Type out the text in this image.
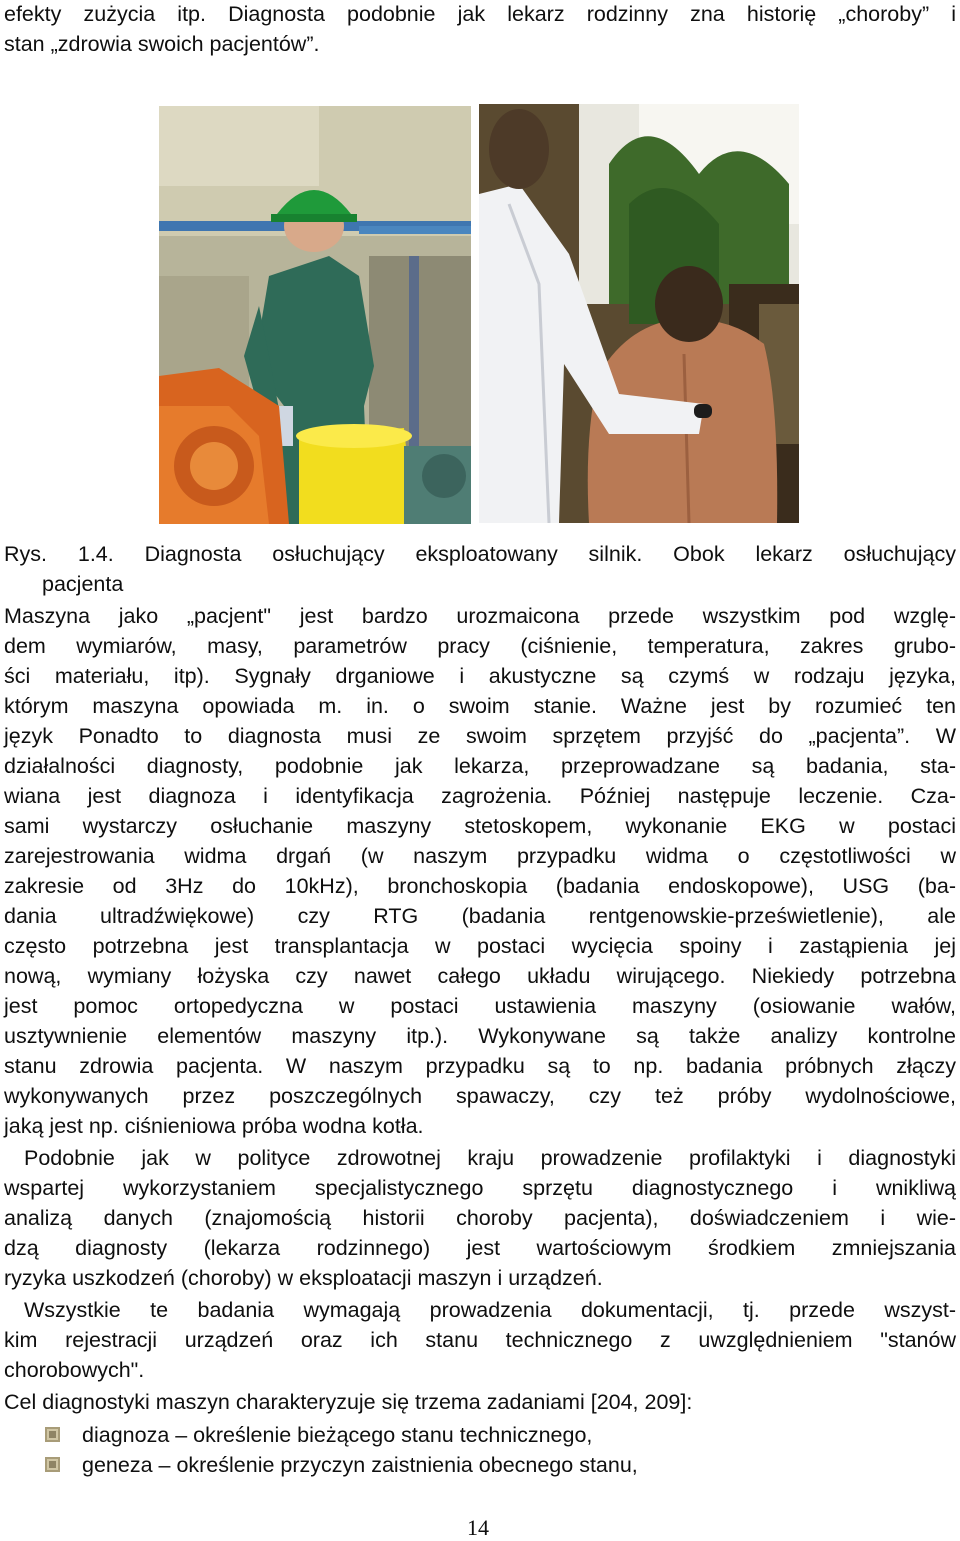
efekty zużycia itp. Diagnosta podobnie jak lekarz rodzinny zna historię „choroby” i
stan „zdrowia swoich pacjentów”.
Rys. 1.4. Diagnosta osłuchujący eksploatowany silnik. Obok lekarz osłuchujący
pacjenta
Maszyna jako „pacjent" jest bardzo urozmaicona przede wszystkim pod wzglę-
dem wymiarów, masy, parametrów pracy (ciśnienie, temperatura, zakres grubo-
ści materiału, itp). Sygnały drganiowe i akustyczne są czymś w rodzaju języka,
którym maszyna opowiada m. in. o swoim stanie. Ważne jest by rozumieć ten
język Ponadto to diagnosta musi ze swoim sprzętem przyjść do „pacjenta”. W
działalności diagnosty, podobnie jak lekarza, przeprowadzane są badania, sta-
wiana jest diagnoza i identyfikacja zagrożenia. Później następuje leczenie. Cza-
sami wystarczy osłuchanie maszyny stetoskopem, wykonanie EKG w postaci
zarejestrowania widma drgań (w naszym przypadku widma o częstotliwości w
zakresie od 3Hz do 10kHz), bronchoskopia (badania endoskopowe), USG (ba-
dania ultradźwiękowe) czy RTG (badania rentgenowskie-prześwietlenie), ale
często potrzebna jest transplantacja w postaci wycięcia spoiny i zastąpienia jej
nową, wymiany łożyska czy nawet całego układu wirującego. Niekiedy potrzebna
jest pomoc ortopedyczna w postaci ustawienia maszyny (osiowanie wałów,
usztywnienie elementów maszyny itp.). Wykonywane są także analizy kontrolne
stanu zdrowia pacjenta. W naszym przypadku są to np. badania próbnych złączy
wykonywanych przez poszczególnych spawaczy, czy też próby wydolnościowe,
jaką jest np. ciśnieniowa próba wodna kotła.
Podobnie jak w polityce zdrowotnej kraju prowadzenie profilaktyki i diagnostyki
wspartej wykorzystaniem specjalistycznego sprzętu diagnostycznego i wnikliwą
analizą danych (znajomością historii choroby pacjenta), doświadczeniem i wie-
dzą diagnosty (lekarza rodzinnego) jest wartościowym środkiem zmniejszania
ryzyka uszkodzeń (choroby) w eksploatacji maszyn i urządzeń.
Wszystkie te badania wymagają prowadzenia dokumentacji, tj. przede wszyst-
kim rejestracji urządzeń oraz ich stanu technicznego z uwzględnieniem "stanów
chorobowych".
Cel diagnostyki maszyn charakteryzuje się trzema zadaniami [204, 209]:
diagnoza – określenie bieżącego stanu technicznego,
geneza – określenie przyczyn zaistnienia obecnego stanu,
14
